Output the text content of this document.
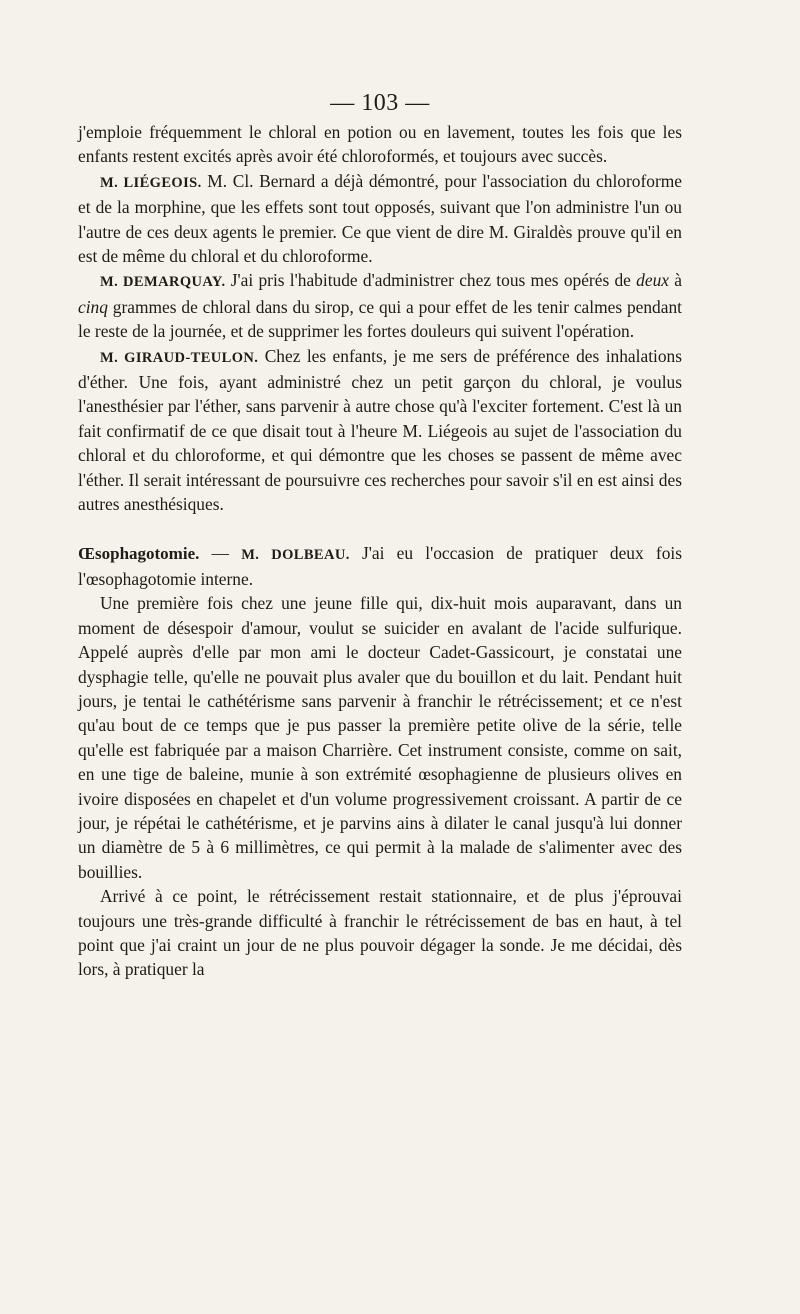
— 103 —

j'emploie fréquemment le chloral en potion ou en lavement, toutes les fois que les enfants restent excités après avoir été chloroformés, et toujours avec succès.

M. LIÉGEOIS. M. Cl. Bernard a déjà démontré, pour l'association du chloroforme et de la morphine, que les effets sont tout opposés, suivant que l'on administre l'un ou l'autre de ces deux agents le premier. Ce que vient de dire M. Giraldès prouve qu'il en est de même du chloral et du chloroforme.

M. DEMARQUAY. J'ai pris l'habitude d'administrer chez tous mes opérés de deux à cinq grammes de chloral dans du sirop, ce qui a pour effet de les tenir calmes pendant le reste de la journée, et de supprimer les fortes douleurs qui suivent l'opération.

M. GIRAUD-TEULON. Chez les enfants, je me sers de préférence des inhalations d'éther. Une fois, ayant administré chez un petit garçon du chloral, je voulus l'anesthésier par l'éther, sans parvenir à autre chose qu'à l'exciter fortement. C'est là un fait confirmatif de ce que disait tout à l'heure M. Liégeois au sujet de l'association du chloral et du chloroforme, et qui démontre que les choses se passent de même avec l'éther. Il serait intéressant de poursuivre ces recherches pour savoir s'il en est ainsi des autres anesthésiques.

Œsophagotomie. — M. DOLBEAU. J'ai eu l'occasion de pratiquer deux fois l'œsophagotomie interne.

Une première fois chez une jeune fille qui, dix-huit mois auparavant, dans un moment de désespoir d'amour, voulut se suicider en avalant de l'acide sulfurique. Appelé auprès d'elle par mon ami le docteur Cadet-Gassicourt, je constatai une dysphagie telle, qu'elle ne pouvait plus avaler que du bouillon et du lait. Pendant huit jours, je tentai le cathétérisme sans parvenir à franchir le rétrécissement; et ce n'est qu'au bout de ce temps que je pus passer la première petite olive de la série, telle qu'elle est fabriquée par a maison Charrière. Cet instrument consiste, comme on sait, en une tige de baleine, munie à son extrémité œsophagienne de plusieurs olives en ivoire disposées en chapelet et d'un volume progressivement croissant. A partir de ce jour, je répétai le cathétérisme, et je parvins ains à dilater le canal jusqu'à lui donner un diamètre de 5 à 6 millimètres, ce qui permit à la malade de s'alimenter avec des bouillies.

Arrivé à ce point, le rétrécissement restait stationnaire, et de plus j'éprouvai toujours une très-grande difficulté à franchir le rétrécissement de bas en haut, à tel point que j'ai craint un jour de ne plus pouvoir dégager la sonde. Je me décidai, dès lors, à pratiquer la
